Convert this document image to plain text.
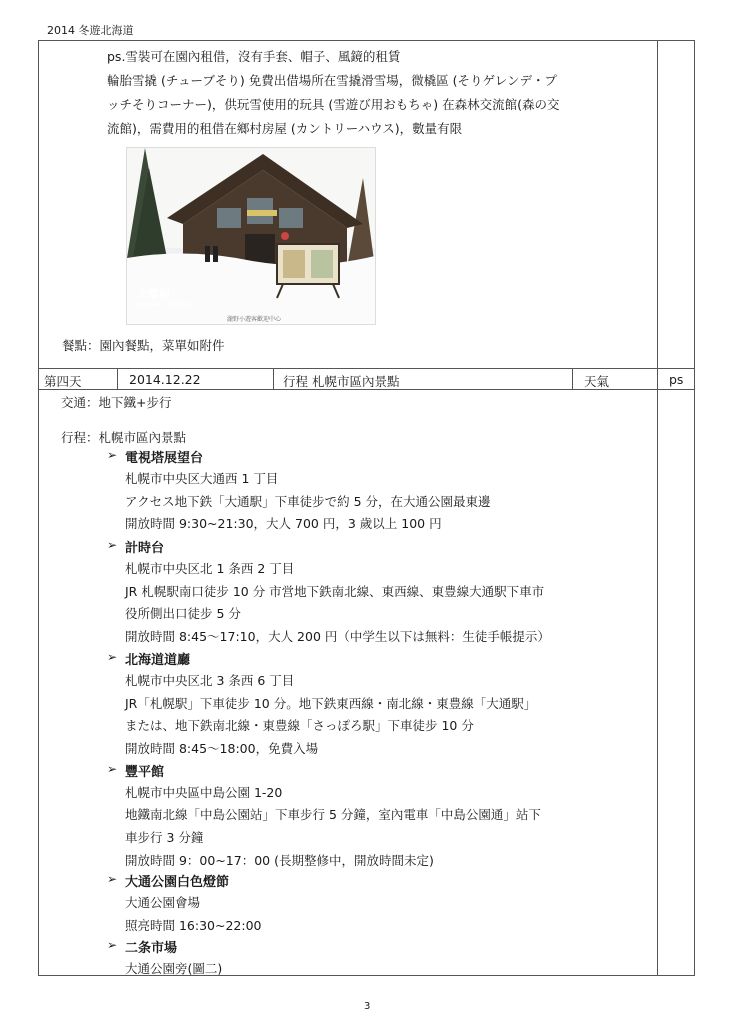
2014 冬遊北海道
ps.雪裝可在園內租借，沒有手套、帽子、風鏡的租賃
輪胎雪撬 (チューブそり) 免費出借場所在雪撬滑雪場，微橇區 (そりゲレンデ・プ
ッチそりコーナー)，供玩雪使用的玩具 (雪遊び用おもちゃ) 在森林交流館(森の交
流館)，需費用的租借在鄉村房屋 (カントリーハウス)，數量有限
大掌柜
tailalan.com.tw
瀧野小遊客歡迎中心
餐點：園內餐點，菜單如附件
第四天	2014.12.22	行程 札幌市區內景點	天氣	ps
交通：地下鐵+步行
行程：札幌市區內景點
➢ 電視塔展望台
札幌市中央区大通西 1 丁目
アクセス地下鉄「大通駅」下車徒步で約 5 分，在大通公園最東邊
開放時間 9:30~21:30，大人 700 円，3 歲以上 100 円
➢ 計時台
札幌市中央区北 1 条西 2 丁目
JR 札幌駅南口徒步 10 分 市営地下鉄南北線、東西線、東豊線大通駅下車市
役所側出口徒步 5 分
開放時間 8:45～17:10，大人 200 円（中学生以下は無料：生徒手帳提示）
➢ 北海道道廳
札幌市中央区北 3 条西 6 丁目
JR「札幌駅」下車徒步 10 分。地下鉄東西線・南北線・東豊線「大通駅」
または、地下鉄南北線・東豊線「さっぽろ駅」下車徒步 10 分
開放時間 8:45～18:00，免費入場
➢ 豐平館
札幌市中央區中島公園 1-20
地鐵南北線「中島公園站」下車步行 5 分鐘，室內電車「中島公園通」站下
車步行 3 分鐘
開放時間 9：00~17：00 (長期整修中，開放時間未定)
➢ 大通公園白色燈節
大通公園會場
照亮時間 16:30~22:00
➢ 二条市場
大通公園旁(圖二)
3
